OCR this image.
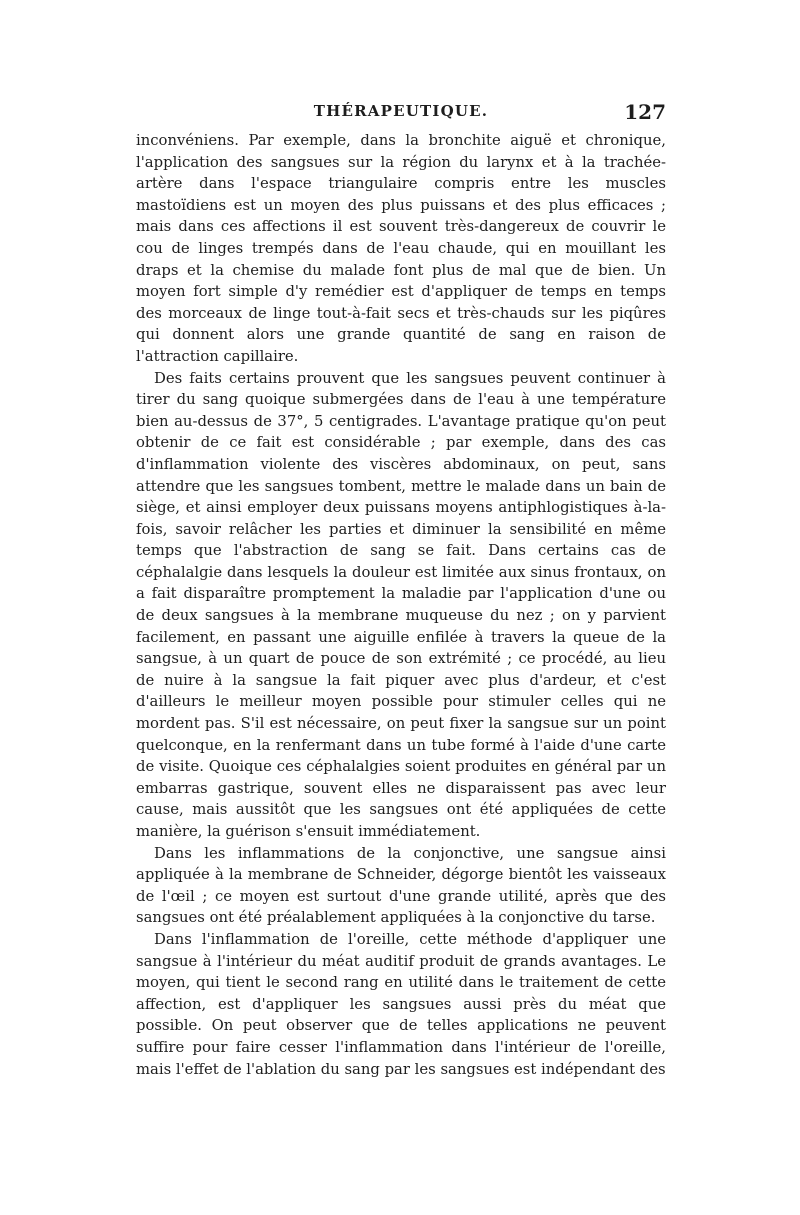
THÉRAPEUTIQUE.	127

inconvéniens. Par exemple, dans la bronchite aiguë et chronique, l'application des sangsues sur la région du larynx et à la trachée-artère dans l'espace triangulaire compris entre les muscles mastoïdiens est un moyen des plus puissans et des plus efficaces ; mais dans ces affections il est souvent très-dangereux de couvrir le cou de linges trempés dans de l'eau chaude, qui en mouillant les draps et la chemise du malade font plus de mal que de bien. Un moyen fort simple d'y remédier est d'appliquer de temps en temps des morceaux de linge tout-à-fait secs et très-chauds sur les piqûres qui donnent alors une grande quantité de sang en raison de l'attraction capillaire.

Des faits certains prouvent que les sangsues peuvent continuer à tirer du sang quoique submergées dans de l'eau à une température bien au-dessus de 37°, 5 centigrades. L'avantage pratique qu'on peut obtenir de ce fait est considérable ; par exemple, dans des cas d'inflammation violente des viscères abdominaux, on peut, sans attendre que les sangsues tombent, mettre le malade dans un bain de siège, et ainsi employer deux puissans moyens antiphlogistiques à-la-fois, savoir relâcher les parties et diminuer la sensibilité en même temps que l'abstraction de sang se fait. Dans certains cas de céphalalgie dans lesquels la douleur est limitée aux sinus frontaux, on a fait disparaître promptement la maladie par l'application d'une ou de deux sangsues à la membrane muqueuse du nez ; on y parvient facilement, en passant une aiguille enfilée à travers la queue de la sangsue, à un quart de pouce de son extrémité ; ce procédé, au lieu de nuire à la sangsue la fait piquer avec plus d'ardeur, et c'est d'ailleurs le meilleur moyen possible pour stimuler celles qui ne mordent pas. S'il est nécessaire, on peut fixer la sangsue sur un point quelconque, en la renfermant dans un tube formé à l'aide d'une carte de visite. Quoique ces céphalalgies soient produites en général par un embarras gastrique, souvent elles ne disparaissent pas avec leur cause, mais aussitôt que les sangsues ont été appliquées de cette manière, la guérison s'ensuit immédiatement.

Dans les inflammations de la conjonctive, une sangsue ainsi appliquée à la membrane de Schneider, dégorge bientôt les vaisseaux de l'œil ; ce moyen est surtout d'une grande utilité, après que des sangsues ont été préalablement appliquées à la conjonctive du tarse.

Dans l'inflammation de l'oreille, cette méthode d'appliquer une sangsue à l'intérieur du méat auditif produit de grands avantages. Le moyen, qui tient le second rang en utilité dans le traitement de cette affection, est d'appliquer les sangsues aussi près du méat que possible. On peut observer que de telles applications ne peuvent suffire pour faire cesser l'inflammation dans l'intérieur de l'oreille, mais l'effet de l'ablation du sang par les sangsues est indépendant des
